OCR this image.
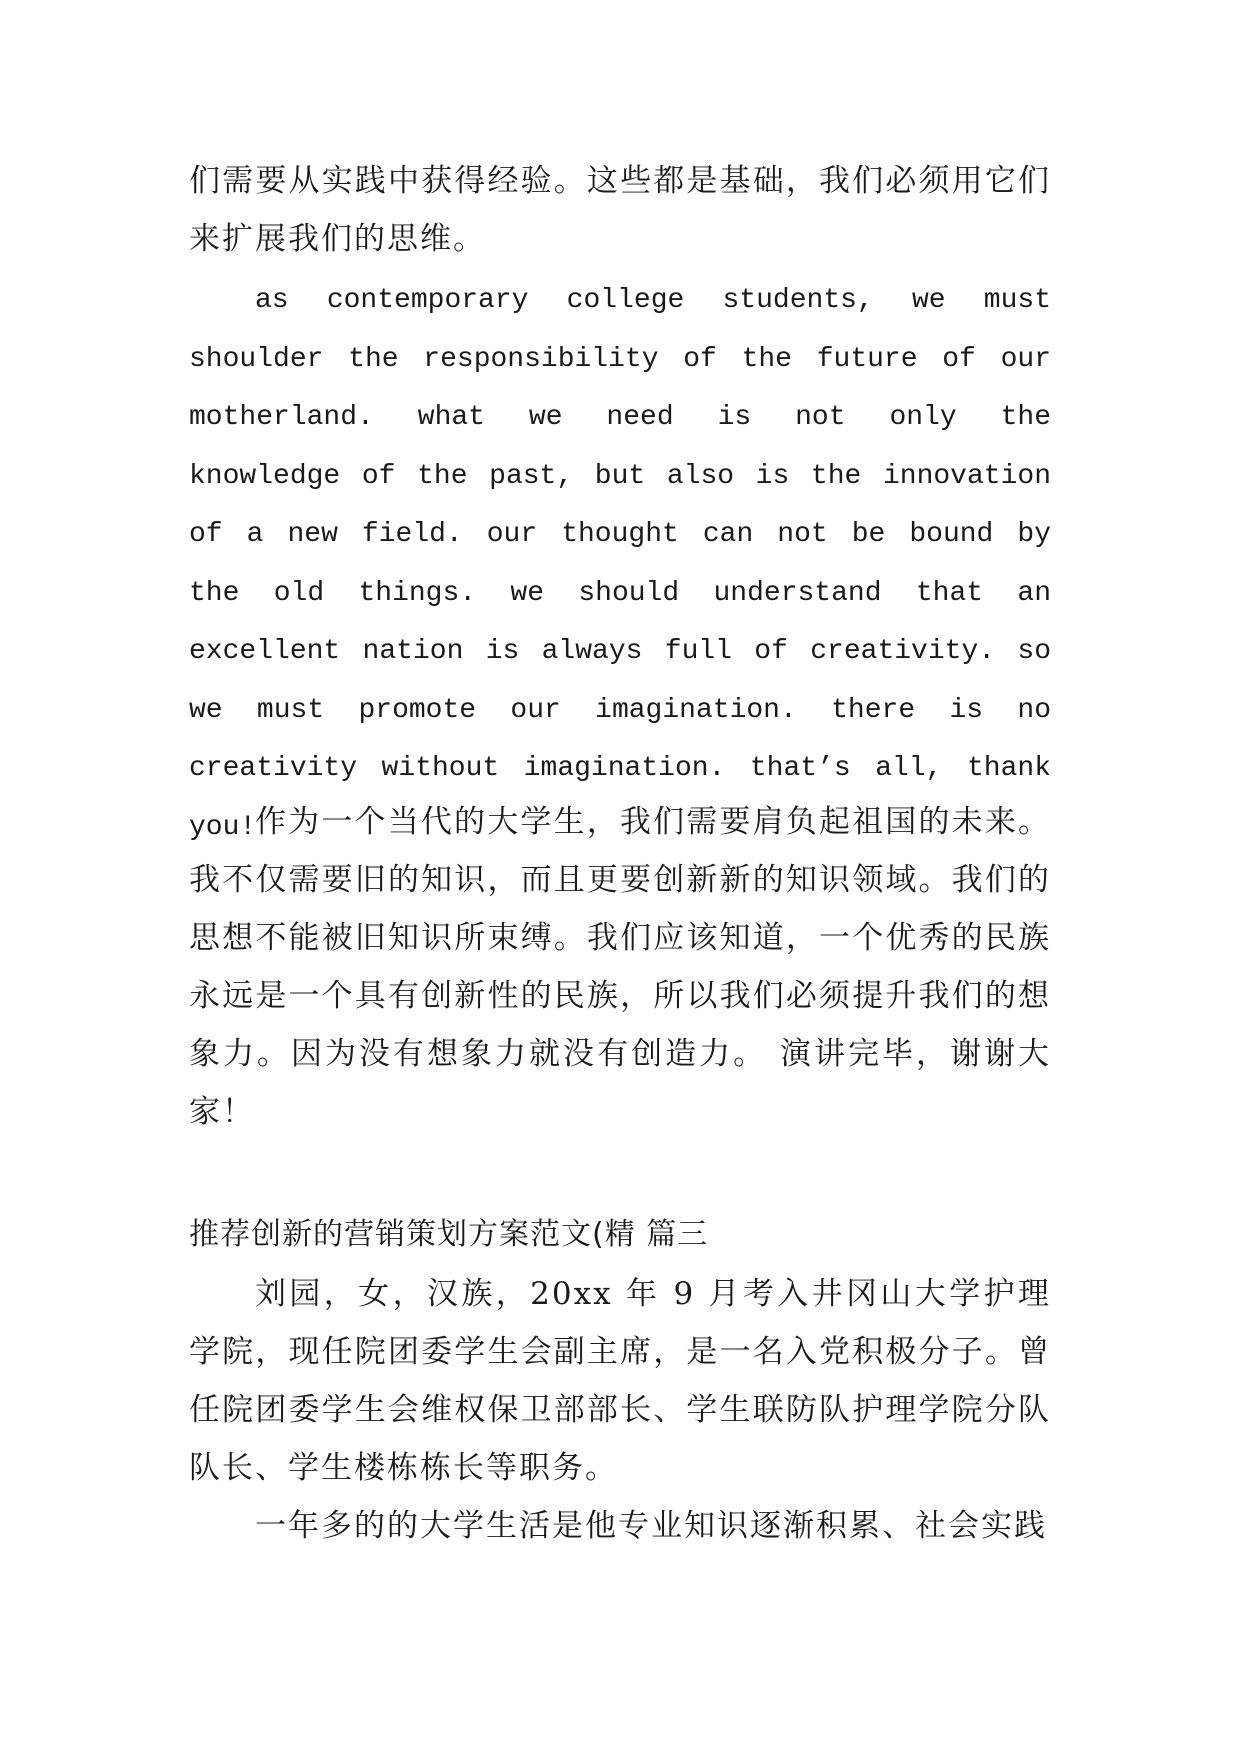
们需要从实践中获得经验。这些都是基础，我们必须用它们来扩展我们的思维。

as contemporary college students, we must shoulder the responsibility of the future of our motherland. what we need is not only the knowledge of the past, but also is the innovation of a new field. our thought can not be bound by the old things. we should understand that an excellent nation is always full of creativity. so we must promote our imagination. there is no creativity without imagination. that’s all, thank you!

作为一个当代的大学生，我们需要肩负起祖国的未来。我不仅需要旧的知识，而且更要创新新的知识领域。我们的思想不能被旧知识所束缚。我们应该知道，一个优秀的民族永远是一个具有创新性的民族，所以我们必须提升我们的想象力。因为没有想象力就没有创造力。 演讲完毕，谢谢大家！

推荐创新的营销策划方案范文(精 篇三

刘园，女，汉族，20xx 年 9 月考入井冈山大学护理学院，现任院团委学生会副主席，是一名入党积极分子。曾任院团委学生会维权保卫部部长、学生联防队护理学院分队队长、学生楼栋栋长等职务。

一年多的的大学生活是他专业知识逐渐积累、社会实践
